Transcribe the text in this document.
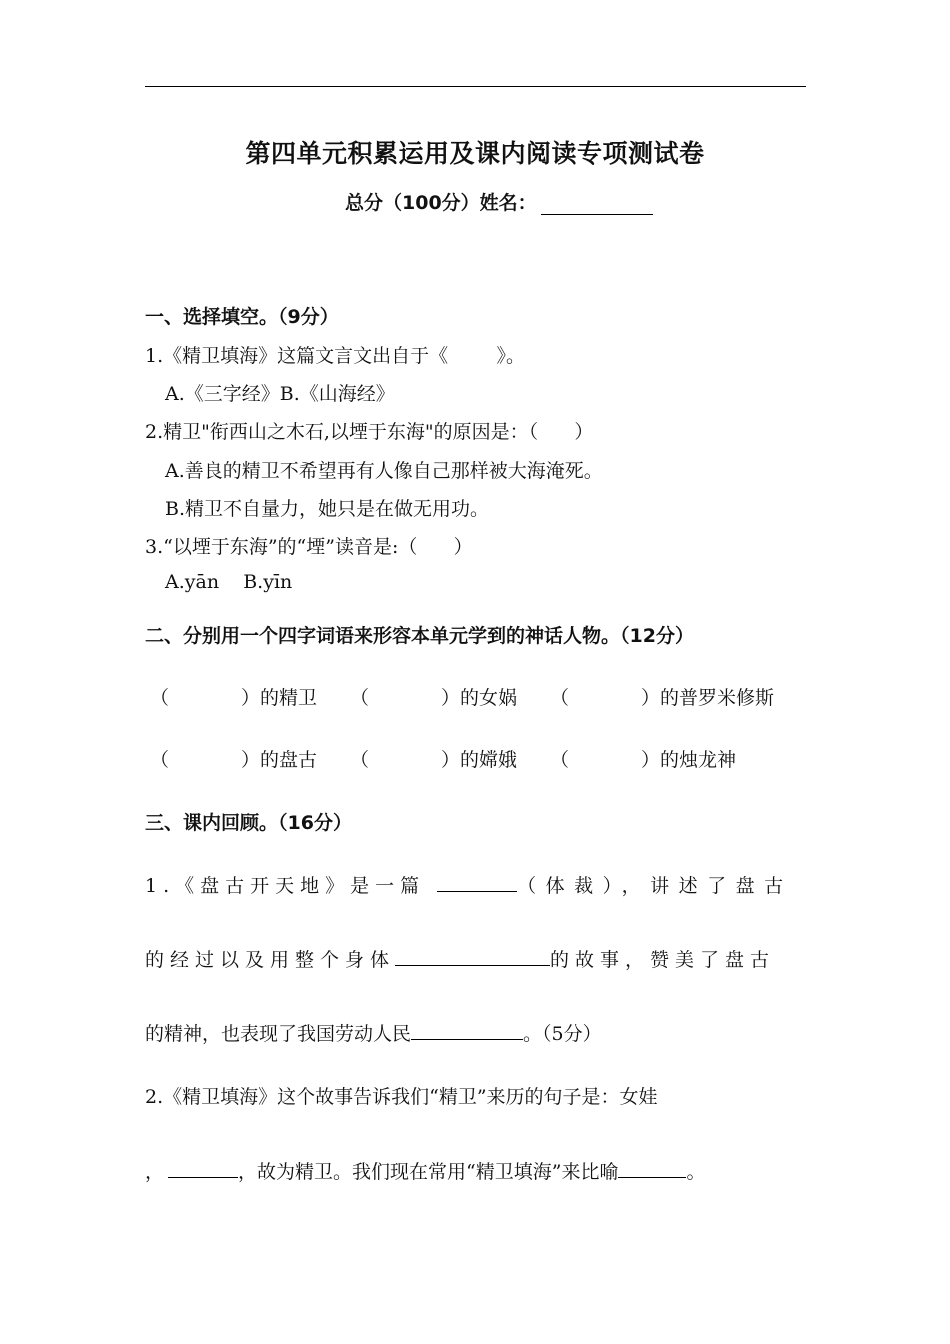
第四单元积累运用及课内阅读专项测试卷
总分（100分）姓名：
一、选择填空。（9分）
1.《精卫填海》这篇文言文出自于《        》。
A.《三字经》B.《山海经》
2.精卫"衔西山之木石,以堙于东海"的原因是：（      ）
A.善良的精卫不希望再有人像自己那样被大海淹死。
B.精卫不自量力，她只是在做无用功。
3.“以堙于东海”的“堙”读音是:（      ）
A.yān    B.yīn
二、分别用一个四字词语来形容本单元学到的神话人物。（12分）
（	）的精卫 （	）的女娲 （	）的普罗米修斯
（	）的盘古 （	）的嫦娥 （	）的烛龙神
三、课内回顾。（16分）
1.《盘古开天地》是一篇	（体裁），讲述了盘古
的经过以及用整个身体	的故事，赞美了盘古
的精神，也表现了我国劳动人民	。（5分）
2.《精卫填海》这个故事告诉我们“精卫”来历的句子是：女娃
，	，故为精卫。我们现在常用“精卫填海”来比喻	。
